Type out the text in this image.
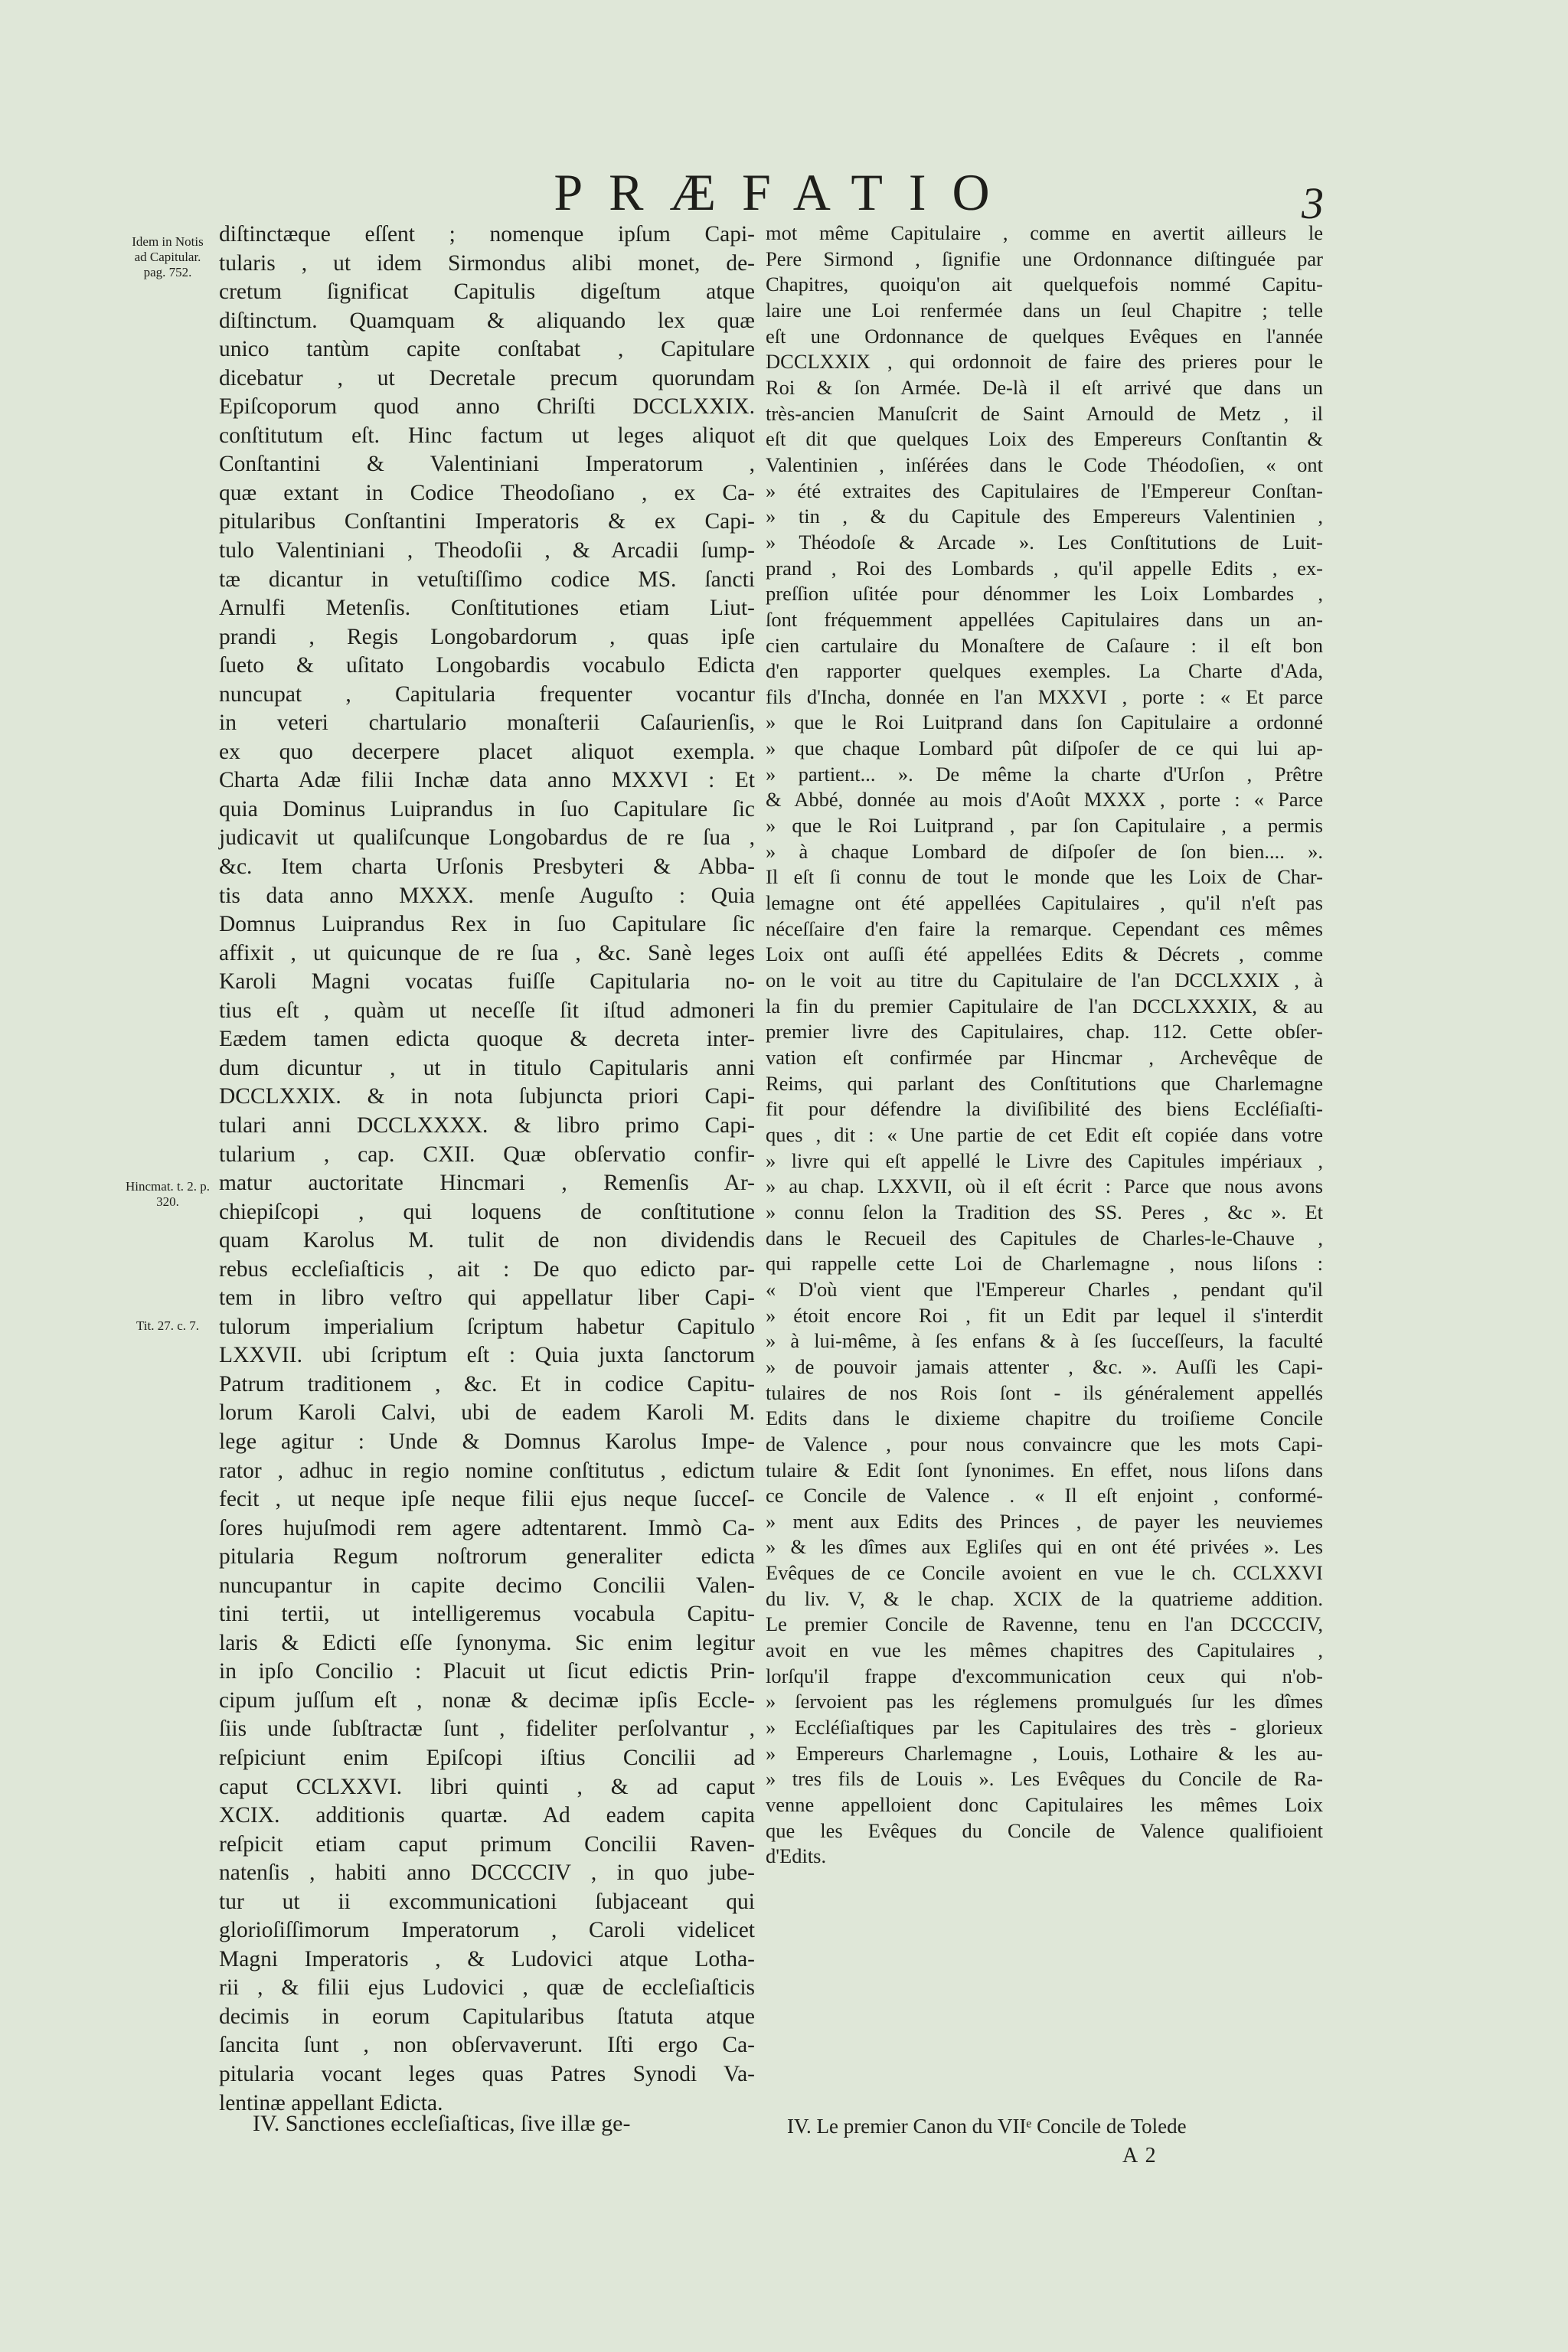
PRÆFATIO	3
Idem in Notis ad Capitular. pag. 752.
Hincmat. t. 2. p. 320.
Tit. 27. c. 7.
diſtinctæque eſſent ; nomenque ipſum Capi-
tularis , ut idem Sirmondus alibi monet, de-
cretum ſignificat Capitulis digeſtum atque
diſtinctum. Quamquam & aliquando lex quæ
unico tantùm capite conſtabat , Capitulare
dicebatur , ut Decretale precum quorundam
Epiſcoporum quod anno Chriſti DCCLXXIX.
conſtitutum eſt. Hinc factum ut leges aliquot
Conſtantini & Valentiniani Imperatorum ,
quæ extant in Codice Theodoſiano , ex Ca-
pitularibus Conſtantini Imperatoris & ex Capi-
tulo Valentiniani , Theodoſii , & Arcadii ſump-
tæ dicantur in vetuſtiſſimo codice MS. ſancti
Arnulfi Metenſis. Conſtitutiones etiam Liut-
prandi , Regis Longobardorum , quas ipſe
ſueto & uſitato Longobardis vocabulo Edicta
nuncupat , Capitularia frequenter vocantur
in veteri chartulario monaſterii Caſaurienſis,
ex quo decerpere placet aliquot exempla.
Charta Adæ filii Inchæ data anno MXXVI : Et
quia Dominus Luiprandus in ſuo Capitulare ſic
judicavit ut qualiſcunque Longobardus de re ſua ,
&c. Item charta Urſonis Presbyteri & Abba-
tis data anno MXXX. menſe Auguſto : Quia
Domnus Luiprandus Rex in ſuo Capitulare ſic
affixit , ut quicunque de re ſua , &c. Sanè leges
Karoli Magni vocatas fuiſſe Capitularia no-
tius eſt , quàm ut neceſſe ſit iſtud admoneri
Eædem tamen edicta quoque & decreta inter-
dum dicuntur , ut in titulo Capitularis anni
DCCLXXIX. & in nota ſubjuncta priori Capi-
tulari anni DCCLXXXX. & libro primo Capi-
tularium , cap. CXII. Quæ obſervatio confir-
matur auctoritate Hincmari , Remenſis Ar-
chiepiſcopi , qui loquens de conſtitutione
quam Karolus M. tulit de non dividendis
rebus eccleſiaſticis , ait : De quo edicto par-
tem in libro veſtro qui appellatur liber Capi-
tulorum imperialium ſcriptum habetur Capitulo
LXXVII. ubi ſcriptum eſt : Quia juxta ſanctorum
Patrum traditionem , &c. Et in codice Capitu-
lorum Karoli Calvi, ubi de eadem Karoli M.
lege agitur : Unde & Domnus Karolus Impe-
rator , adhuc in regio nomine conſtitutus , edictum
fecit , ut neque ipſe neque filii ejus neque ſucceſ-
ſores hujuſmodi rem agere adtentarent. Immò Ca-
pitularia Regum noſtrorum generaliter edicta
nuncupantur in capite decimo Concilii Valen-
tini tertii, ut intelligeremus vocabula Capitu-
laris & Edicti eſſe ſynonyma. Sic enim legitur
in ipſo Concilio : Placuit ut ſicut edictis Prin-
cipum juſſum eſt , nonæ & decimæ ipſis Eccle-
ſiis unde ſubſtractæ ſunt , fideliter perſolvantur ,
reſpiciunt enim Epiſcopi iſtius Concilii ad
caput CCLXXVI. libri quinti , & ad caput
XCIX. additionis quartæ. Ad eadem capita
reſpicit etiam caput primum Concilii Raven-
natenſis , habiti anno DCCCCIV , in quo jube-
tur ut ii excommunicationi ſubjaceant qui
glorioſiſſimorum Imperatorum , Caroli videlicet
Magni Imperatoris , & Ludovici atque Lotha-
rii , & filii ejus Ludovici , quæ de eccleſiaſticis
decimis in eorum Capitularibus ſtatuta atque
ſancita ſunt , non obſervaverunt. Iſti ergo Ca-
pitularia vocant leges quas Patres Synodi Va-
lentinæ appellant Edicta.
mot même Capitulaire , comme en avertit ailleurs le
Pere Sirmond , ſignifie une Ordonnance diſtinguée par
Chapitres, quoiqu'on ait quelquefois nommé Capitu-
laire une Loi renfermée dans un ſeul Chapitre ; telle
eſt une Ordonnance de quelques Evêques en l'année
DCCLXXIX , qui ordonnoit de faire des prieres pour le
Roi & ſon Armée. De-là il eſt arrivé que dans un
très-ancien Manuſcrit de Saint Arnould de Metz , il
eſt dit que quelques Loix des Empereurs Conſtantin &
Valentinien , inſérées dans le Code Théodoſien, « ont
» été extraites des Capitulaires de l'Empereur Conſtan-
» tin , & du Capitule des Empereurs Valentinien ,
» Théodoſe & Arcade ». Les Conſtitutions de Luit-
prand , Roi des Lombards , qu'il appelle Edits , ex-
preſſion uſitée pour dénommer les Loix Lombardes ,
ſont fréquemment appellées Capitulaires dans un an-
cien cartulaire du Monaſtere de Caſaure : il eſt bon
d'en rapporter quelques exemples. La Charte d'Ada,
fils d'Incha, donnée en l'an MXXVI , porte : « Et parce
» que le Roi Luitprand dans ſon Capitulaire a ordonné
» que chaque Lombard pût diſpoſer de ce qui lui ap-
» partient... ». De même la charte d'Urſon , Prêtre
& Abbé, donnée au mois d'Août MXXX , porte : « Parce
» que le Roi Luitprand , par ſon Capitulaire , a permis
» à chaque Lombard de diſpoſer de ſon bien.... ».
Il eſt ſi connu de tout le monde que les Loix de Char-
lemagne ont été appellées Capitulaires , qu'il n'eſt pas
néceſſaire d'en faire la remarque. Cependant ces mêmes
Loix ont auſſi été appellées Edits & Décrets , comme
on le voit au titre du Capitulaire de l'an DCCLXXIX , à
la fin du premier Capitulaire de l'an DCCLXXXIX, & au
premier livre des Capitulaires, chap. 112. Cette obſer-
vation eſt confirmée par Hincmar , Archevêque de
Reims, qui parlant des Conſtitutions que Charlemagne
fit pour défendre la diviſibilité des biens Eccléſiaſti-
ques , dit : « Une partie de cet Edit eſt copiée dans votre
» livre qui eſt appellé le Livre des Capitules impériaux ,
» au chap. LXXVII, où il eſt écrit : Parce que nous avons
» connu ſelon la Tradition des SS. Peres , &c ». Et
dans le Recueil des Capitules de Charles-le-Chauve ,
qui rappelle cette Loi de Charlemagne , nous liſons :
« D'où vient que l'Empereur Charles , pendant qu'il
» étoit encore Roi , fit un Edit par lequel il s'interdit
» à lui-même, à ſes enfans & à ſes ſucceſſeurs, la faculté
» de pouvoir jamais attenter , &c. ». Auſſi les Capi-
tulaires de nos Rois ſont - ils généralement appellés
Edits dans le dixieme chapitre du troiſieme Concile
de Valence , pour nous convaincre que les mots Capi-
tulaire & Edit ſont ſynonimes. En effet, nous liſons dans
ce Concile de Valence . « Il eſt enjoint , conformé-
» ment aux Edits des Princes , de payer les neuviemes
» & les dîmes aux Egliſes qui en ont été privées ». Les
Evêques de ce Concile avoient en vue le ch. CCLXXVI
du liv. V, & le chap. XCIX de la quatrieme addition.
Le premier Concile de Ravenne, tenu en l'an DCCCCIV,
avoit en vue les mêmes chapitres des Capitulaires ,
lorſqu'il frappe d'excommunication ceux qui n'ob-
» ſervoient pas les réglemens promulgués ſur les dîmes
» Eccléſiaſtiques par les Capitulaires des très - glorieux
» Empereurs Charlemagne , Louis, Lothaire & les au-
» tres fils de Louis ». Les Evêques du Concile de Ra-
venne appelloient donc Capitulaires les mêmes Loix
que les Evêques du Concile de Valence qualifioient
d'Edits.
IV. Sanctiones eccleſiaſticas, ſive illæ ge-	IV. Le premier Canon du VIIᵉ Concile de Tolede
A 2
